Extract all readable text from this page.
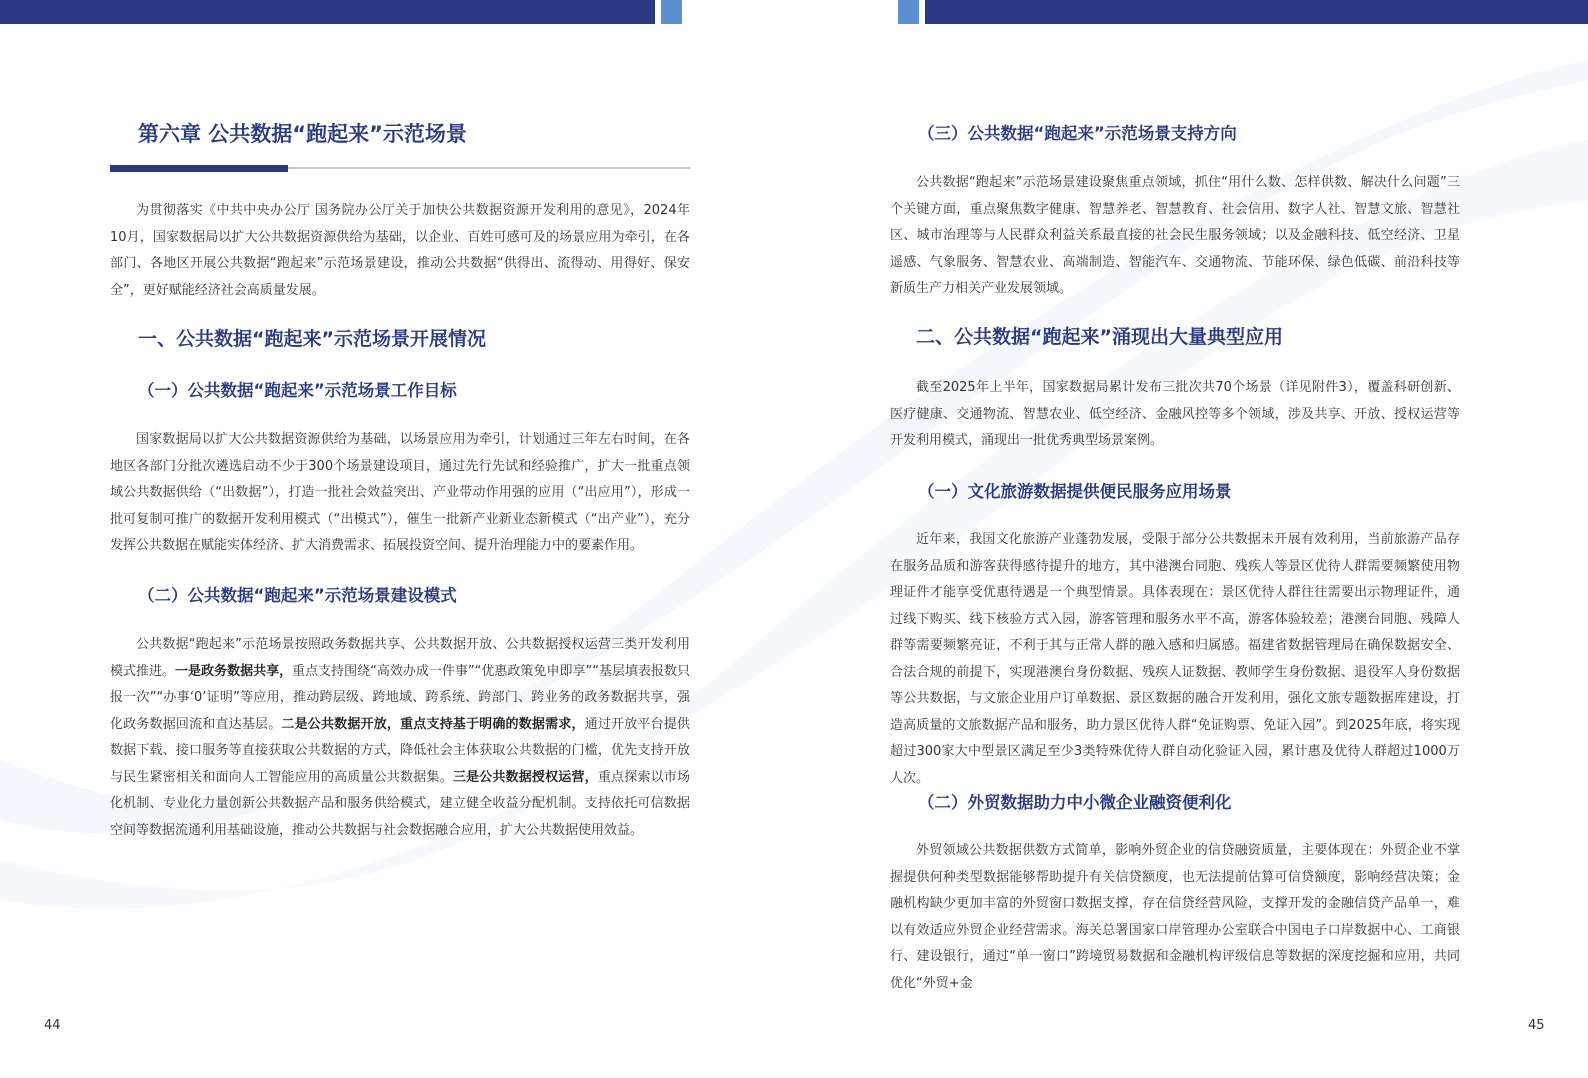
第六章 公共数据“跑起来”示范场景

为贯彻落实《中共中央办公厅 国务院办公厅关于加快公共数据资源开发利用的意见》，2024年10月，国家数据局以扩大公共数据资源供给为基础，以企业、百姓可感可及的场景应用为牵引，在各部门、各地区开展公共数据“跑起来”示范场景建设，推动公共数据“供得出、流得动、用得好、保安全”，更好赋能经济社会高质量发展。

一、公共数据“跑起来”示范场景开展情况
（一）公共数据“跑起来”示范场景工作目标

国家数据局以扩大公共数据资源供给为基础，以场景应用为牵引，计划通过三年左右时间，在各地区各部门分批次遴选启动不少于300个场景建设项目，通过先行先试和经验推广，扩大一批重点领域公共数据供给（“出数据”），打造一批社会效益突出、产业带动作用强的应用（“出应用”），形成一批可复制可推广的数据开发利用模式（“出模式”），催生一批新产业新业态新模式（“出产业”），充分发挥公共数据在赋能实体经济、扩大消费需求、拓展投资空间、提升治理能力中的要素作用。

（二）公共数据“跑起来”示范场景建设模式

公共数据“跑起来”示范场景按照政务数据共享、公共数据开放、公共数据授权运营三类开发利用模式推进。一是政务数据共享，重点支持围绕“高效办成一件事”“优惠政策免申即享”“基层填表报数只报一次”“办事‘0’证明”等应用，推动跨层级、跨地域、跨系统、跨部门、跨业务的政务数据共享，强化政务数据回流和直达基层。二是公共数据开放，重点支持基于明确的数据需求，通过开放平台提供数据下载、接口服务等直接获取公共数据的方式，降低社会主体获取公共数据的门槛，优先支持开放与民生紧密相关和面向人工智能应用的高质量公共数据集。三是公共数据授权运营，重点探索以市场化机制、专业化力量创新公共数据产品和服务供给模式，建立健全收益分配机制。支持依托可信数据空间等数据流通利用基础设施，推动公共数据与社会数据融合应用，扩大公共数据使用效益。

44
（三）公共数据“跑起来”示范场景支持方向

公共数据“跑起来”示范场景建设聚焦重点领域，抓住“用什么数、怎样供数、解决什么问题”三个关键方面，重点聚焦数字健康、智慧养老、智慧教育、社会信用、数字人社、智慧文旅、智慧社区、城市治理等与人民群众利益关系最直接的社会民生服务领域；以及金融科技、低空经济、卫星遥感、气象服务、智慧农业、高端制造、智能汽车、交通物流、节能环保、绿色低碳、前沿科技等新质生产力相关产业发展领域。

二、公共数据“跑起来”涌现出大量典型应用

截至2025年上半年，国家数据局累计发布三批次共70个场景（详见附件3），覆盖科研创新、医疗健康、交通物流、智慧农业、低空经济、金融风控等多个领域，涉及共享、开放、授权运营等开发利用模式，涌现出一批优秀典型场景案例。

（一）文化旅游数据提供便民服务应用场景

近年来，我国文化旅游产业蓬勃发展，受限于部分公共数据未开展有效利用，当前旅游产品存在服务品质和游客获得感待提升的地方，其中港澳台同胞、残疾人等景区优待人群需要频繁使用物理证件才能享受优惠待遇是一个典型情景。具体表现在：景区优待人群往往需要出示物理证件，通过线下购买、线下核验方式入园，游客管理和服务水平不高，游客体验较差；港澳台同胞、残障人群等需要频繁亮证，不利于其与正常人群的融入感和归属感。福建省数据管理局在确保数据安全、合法合规的前提下，实现港澳台身份数据、残疾人证数据、教师学生身份数据、退役军人身份数据等公共数据，与文旅企业用户订单数据、景区数据的融合开发利用，强化文旅专题数据库建设，打造高质量的文旅数据产品和服务，助力景区优待人群“免证购票、免证入园”。到2025年底，将实现超过300家大中型景区满足至少3类特殊优待人群自动化验证入园，累计惠及优待人群超过1000万人次。

（二）外贸数据助力中小微企业融资便利化

外贸领域公共数据供数方式简单，影响外贸企业的信贷融资质量，主要体现在：外贸企业不掌握提供何种类型数据能够帮助提升有关信贷额度，也无法提前估算可信贷额度，影响经营决策；金融机构缺少更加丰富的外贸窗口数据支撑，存在信贷经营风险，支撑开发的金融信贷产品单一，难以有效适应外贸企业经营需求。海关总署国家口岸管理办公室联合中国电子口岸数据中心、工商银行、建设银行，通过“单一窗口”跨境贸易数据和金融机构评级信息等数据的深度挖掘和应用，共同优化“外贸+金

45
